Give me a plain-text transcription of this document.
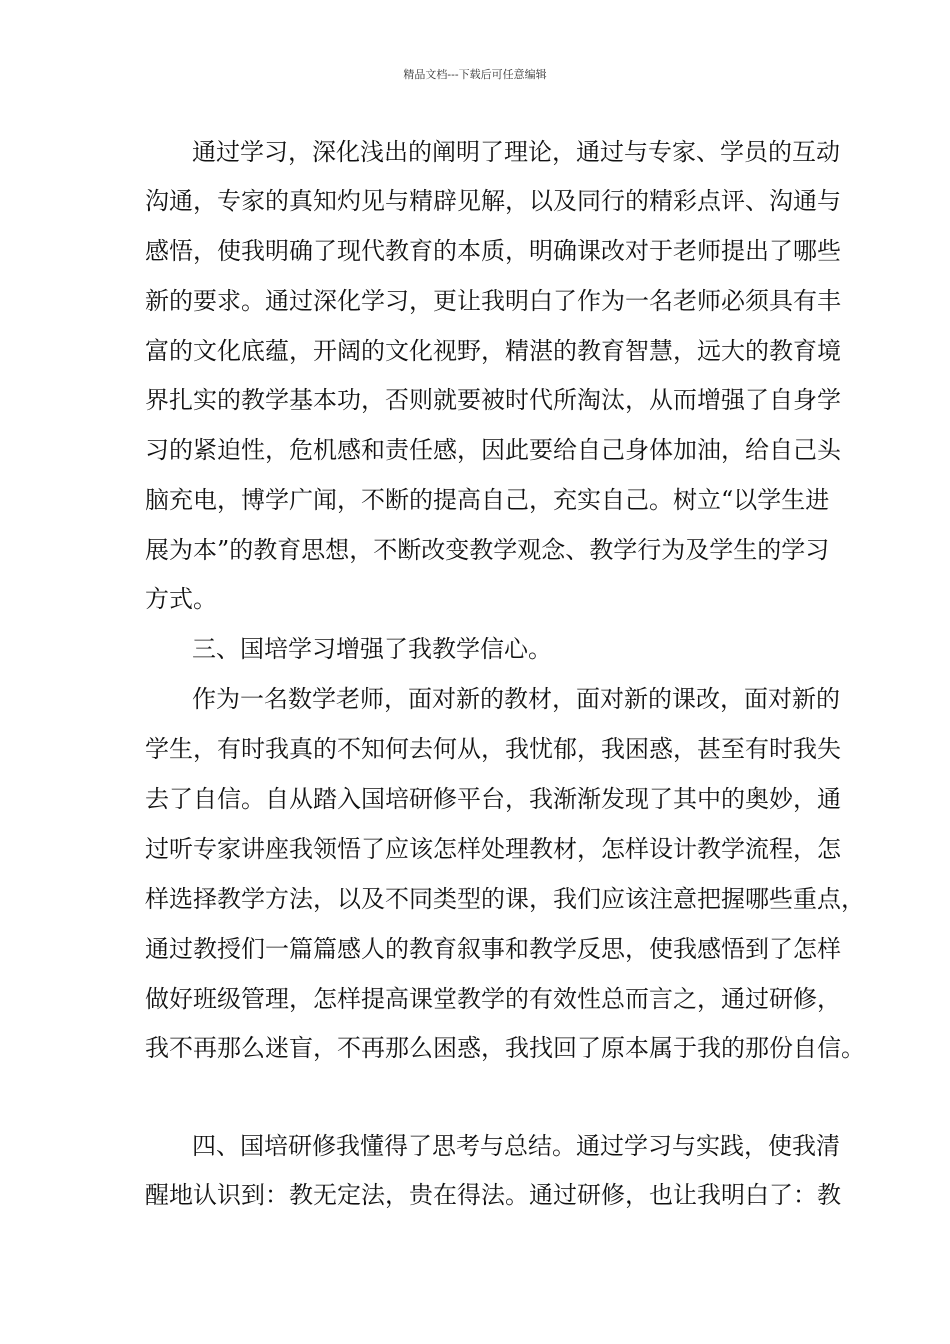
精品文档---下载后可任意编辑
通过学习，深化浅出的阐明了理论，通过与专家、学员的互动
沟通，专家的真知灼见与精辟见解，以及同行的精彩点评、沟通与
感悟，使我明确了现代教育的本质，明确课改对于老师提出了哪些
新的要求。通过深化学习，更让我明白了作为一名老师必须具有丰
富的文化底蕴，开阔的文化视野，精湛的教育智慧，远大的教育境
界扎实的教学基本功，否则就要被时代所淘汰，从而增强了自身学
习的紧迫性，危机感和责任感，因此要给自己身体加油，给自己头
脑充电，博学广闻，不断的提高自己，充实自己。树立“以学生进
展为本”的教育思想，不断改变教学观念、教学行为及学生的学习
方式。
三、国培学习增强了我教学信心。
作为一名数学老师，面对新的教材，面对新的课改，面对新的
学生，有时我真的不知何去何从，我忧郁，我困惑，甚至有时我失
去了自信。自从踏入国培研修平台，我渐渐发现了其中的奥妙，通
过听专家讲座我领悟了应该怎样处理教材，怎样设计教学流程，怎
样选择教学方法，以及不同类型的课，我们应该注意把握哪些重点，
通过教授们一篇篇感人的教育叙事和教学反思，使我感悟到了怎样
做好班级管理，怎样提高课堂教学的有效性总而言之，通过研修，
我不再那么迷盲，不再那么困惑，我找回了原本属于我的那份自信。
四、国培研修我懂得了思考与总结。通过学习与实践，使我清
醒地认识到：教无定法，贵在得法。通过研修，也让我明白了：教
